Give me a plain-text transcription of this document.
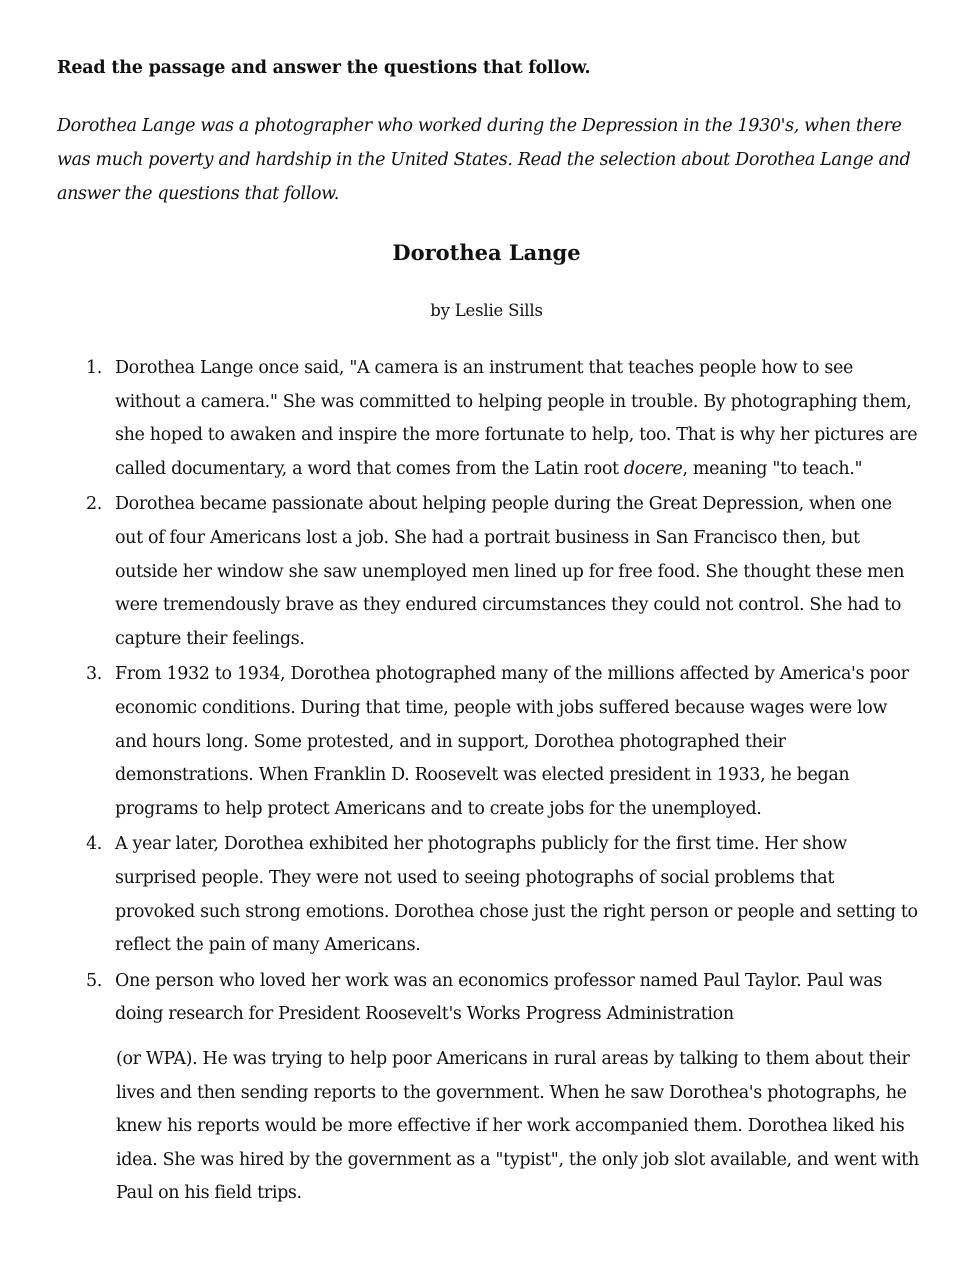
Read the passage and answer the questions that follow.

Dorothea Lange was a photographer who worked during the Depression in the 1930's, when there was much poverty and hardship in the United States. Read the selection about Dorothea Lange and answer the questions that follow.

Dorothea Lange

by Leslie Sills

1. Dorothea Lange once said, "A camera is an instrument that teaches people how to see without a camera." She was committed to helping people in trouble. By photographing them, she hoped to awaken and inspire the more fortunate to help, too. That is why her pictures are called documentary, a word that comes from the Latin root docere, meaning "to teach."
2. Dorothea became passionate about helping people during the Great Depression, when one out of four Americans lost a job. She had a portrait business in San Francisco then, but outside her window she saw unemployed men lined up for free food. She thought these men were tremendously brave as they endured circumstances they could not control. She had to capture their feelings.
3. From 1932 to 1934, Dorothea photographed many of the millions affected by America's poor economic conditions. During that time, people with jobs suffered because wages were low and hours long. Some protested, and in support, Dorothea photographed their demonstrations. When Franklin D. Roosevelt was elected president in 1933, he began programs to help protect Americans and to create jobs for the unemployed.
4. A year later, Dorothea exhibited her photographs publicly for the first time. Her show surprised people. They were not used to seeing photographs of social problems that provoked such strong emotions. Dorothea chose just the right person or people and setting to reflect the pain of many Americans.
5. One person who loved her work was an economics professor named Paul Taylor. Paul was doing research for President Roosevelt's Works Progress Administration

(or WPA). He was trying to help poor Americans in rural areas by talking to them about their lives and then sending reports to the government. When he saw Dorothea's photographs, he knew his reports would be more effective if her work accompanied them. Dorothea liked his idea. She was hired by the government as a "typist", the only job slot available, and went with Paul on his field trips.
